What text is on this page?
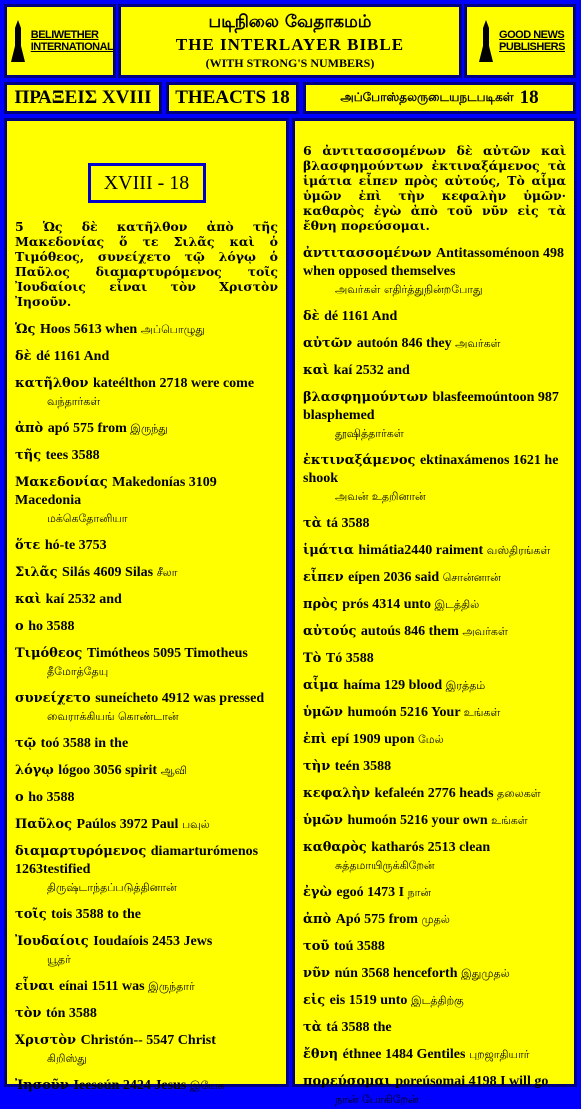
BELIWETHER
INTERNATIONAL
படிநிலை வேதாகமம்
THE INTERLAYER BIBLE
(WITH STRONG'S NUMBERS)
GOOD NEWS
PUBLISHERS
ΠΡΑΞΕΙΣ XVIII	THEACTS 18	அப்போஸ்தலருடையநடபடிகள் 18
XVIII - 18
5 Ὡς δὲ κατῆλθον ἀπὸ τῆς Μακεδονίας ὅ τε Σιλᾶς καὶ ὁ Τιμόθεος, συνείχετο τῷ λόγῳ ὁ Παῦλος διαμαρτυρόμενος τοῖς Ἰουδαίοις εἶναι τὸν Χριστὸν Ἰησοῦν.
Ὡς Hoos 5613 when அப்பொழுது
δὲ dé 1161 And
κατῆλθον kateélthon 2718 were come
வந்தார்கள்
ἀπὸ apó 575 from இருந்து
τῆς tees 3588
Μακεδονίας Makedonías 3109 Macedonia
மக்கெதோனியா
ὅτε hó-te 3753
Σιλᾶς Silás 4609 Silas சீலா
καὶ kaí 2532 and
ο ho 3588
Τιμόθεος Timótheos 5095 Timotheus
தீமோத்தேயு
συνείχετο suneícheto 4912 was pressed
வைராக்கியங் கொண்டான்
τῷ toó 3588 in the
λόγῳ lógoo 3056 spirit ஆவி
ο ho 3588
Παῦλος Paúlos 3972 Paul பவுல்
διαμαρτυρόμενος diamarturómenos 1263testified
திருஷ்டாந்தப்படுத்தினான்
τοῖς tois 3588 to the
Ἰουδαίοις Ioudaíois 2453 Jews
யூதர்
εἶναι eínai 1511 was இருந்தார்
τὸν tón 3588
Χριστὸν Christón-- 5547 Christ
கிறிஸ்து
Ἰησοῦν Ieesoún 2424 Jesus இயேசு
6 ἀντιτασσομένων δὲ αὐτῶν καὶ βλασφημούντων ἐκτιναξάμενος τὰ ἱμάτια εἶπεν πρὸς αὐτούς, Τὸ αἷμα ὑμῶν ἐπὶ τὴν κεφαλὴν ὑμῶν· καθαρὸς ἐγὼ ἀπὸ τοῦ νῦν εἰς τὰ ἔθνη πορεύσομαι.
ἀντιτασσομένων Antitassoménoon 498 when opposed themselves
அவர்கள் எதிர்த்துநின்றபோது
δὲ dé 1161 And
αὐτῶν autoón 846 they அவர்கள்
καὶ kaí 2532 and
βλασφημούντων blasfeemoúntoon 987 blasphemed
தூஷித்தார்கள்
ἐκτιναξάμενος ektinaxámenos 1621 he shook
அவன் உதறினான்
τὰ tá 3588
ἱμάτια himátia2440 raiment வஸ்திரங்கள்
εἶπεν eípen 2036 said சொன்னான்
πρὸς prós 4314 unto இடத்தில்
αὐτούς autoús 846 them அவர்கள்
Τὸ Tó 3588
αἷμα haíma 129 blood இரத்தம்
ὑμῶν humoón 5216 Your உங்கள்
ἐπὶ epí 1909 upon மேல்
τὴν teén 3588
κεφαλὴν kefaleén 2776 heads தலைகள்
ὑμῶν humoón 5216 your own உங்கள்
καθαρὸς katharós 2513 clean
சுத்தமாயிருக்கிறேன்
ἐγὼ egoó 1473 I நான்
ἀπὸ Apó 575 from முதல்
τοῦ toú 3588
νῦν nún 3568 henceforth இதுமுதல்
εἰς eis 1519 unto இடத்திற்கு
τὰ tá 3588 the
ἔθνη éthnee 1484 Gentiles புறஜாதியார்
πορεύσομαι poreúsomai 4198 I will go
நான் போகிறேன்
